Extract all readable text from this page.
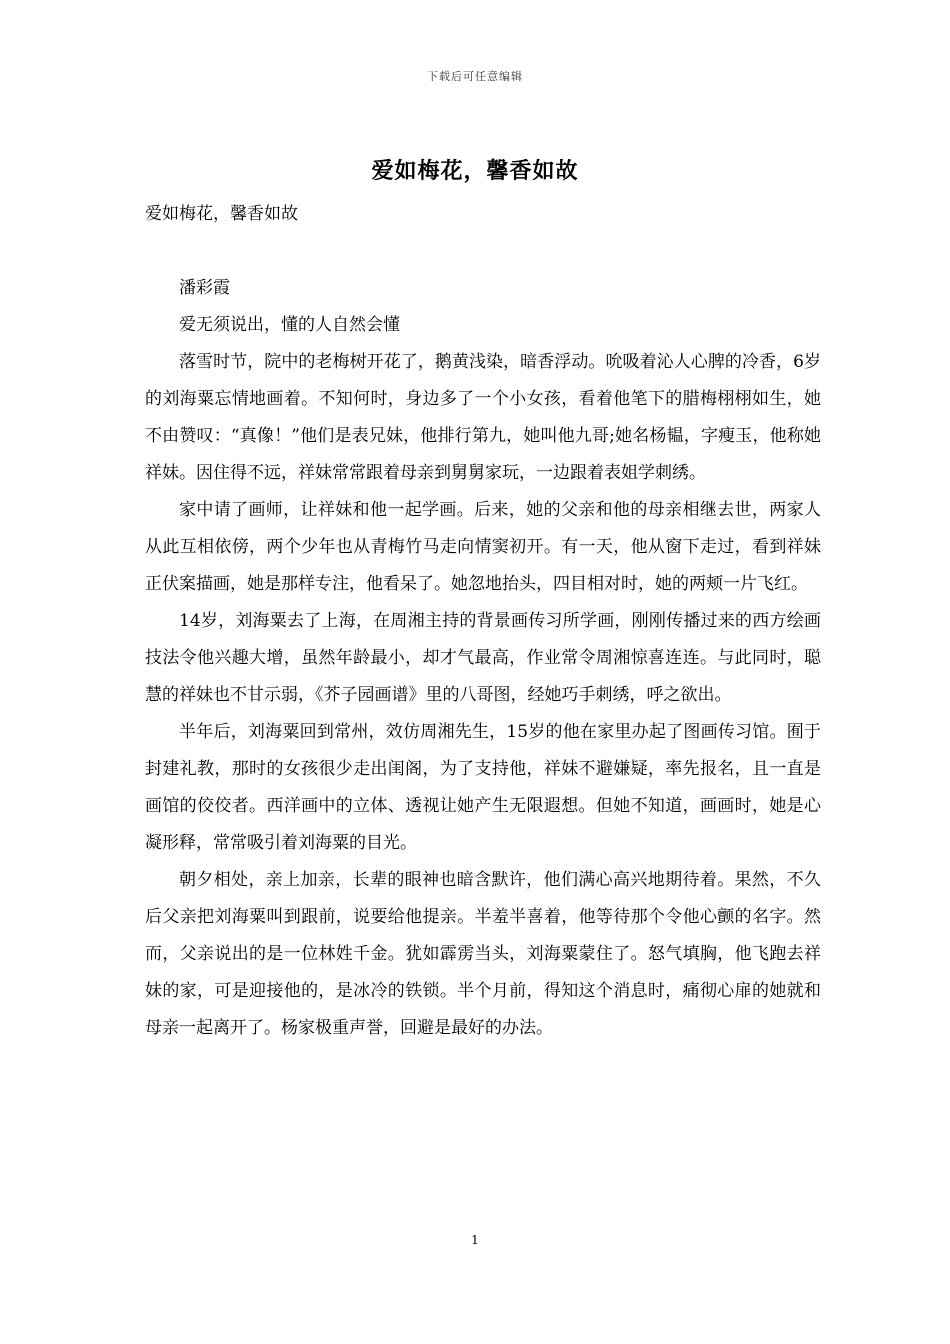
下载后可任意编辑
爱如梅花，馨香如故

爱如梅花，馨香如故

潘彩霞

爱无须说出，懂的人自然会懂

落雪时节，院中的老梅树开花了，鹅黄浅染，暗香浮动。吮吸着沁人心脾的冷香，6岁的刘海粟忘情地画着。不知何时，身边多了一个小女孩，看着他笔下的腊梅栩栩如生，她不由赞叹：“真像！”他们是表兄妹，他排行第九，她叫他九哥;她名杨韫，字瘦玉，他称她祥妹。因住得不远，祥妹常常跟着母亲到舅舅家玩，一边跟着表姐学刺绣。

家中请了画师，让祥妹和他一起学画。后来，她的父亲和他的母亲相继去世，两家人从此互相依傍，两个少年也从青梅竹马走向情窦初开。有一天，他从窗下走过，看到祥妹正伏案描画，她是那样专注，他看呆了。她忽地抬头，四目相对时，她的两颊一片飞红。

14岁，刘海粟去了上海，在周湘主持的背景画传习所学画，刚刚传播过来的西方绘画技法令他兴趣大增，虽然年龄最小，却才气最高，作业常令周湘惊喜连连。与此同时，聪慧的祥妹也不甘示弱，《芥子园画谱》里的八哥图，经她巧手刺绣，呼之欲出。

半年后，刘海粟回到常州，效仿周湘先生，15岁的他在家里办起了图画传习馆。囿于封建礼教，那时的女孩很少走出闺阁，为了支持他，祥妹不避嫌疑，率先报名，且一直是画馆的佼佼者。西洋画中的立体、透视让她产生无限遐想。但她不知道，画画时，她是心凝形释，常常吸引着刘海粟的目光。

朝夕相处，亲上加亲，长辈的眼神也暗含默许，他们满心高兴地期待着。果然，不久后父亲把刘海粟叫到跟前，说要给他提亲。半羞半喜着，他等待那个令他心颤的名字。然而，父亲说出的是一位林姓千金。犹如霹雳当头，刘海粟蒙住了。怒气填胸，他飞跑去祥妹的家，可是迎接他的，是冰冷的铁锁。半个月前，得知这个消息时，痛彻心扉的她就和母亲一起离开了。杨家极重声誉，回避是最好的办法。

1
